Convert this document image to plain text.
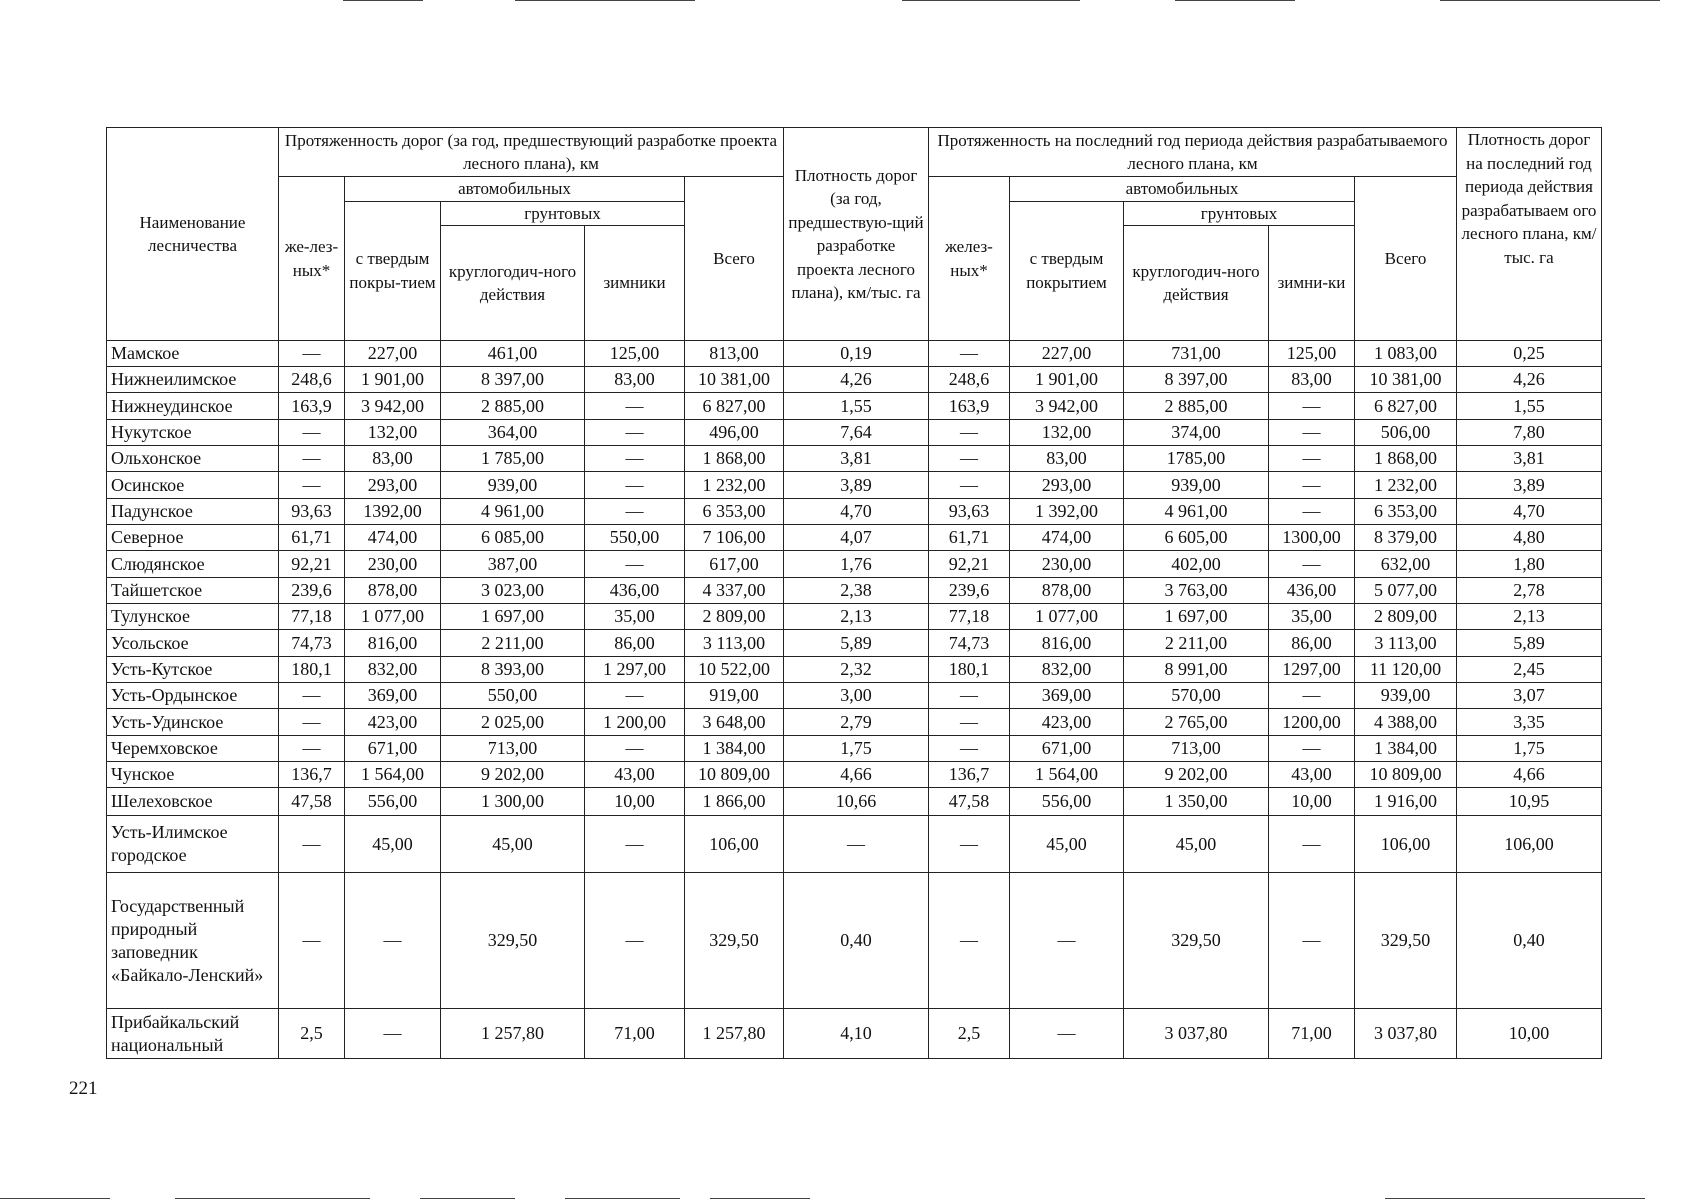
Наименование лесничества	Протяженность дорог (за год, предшествующий разработке проекта лесного плана), км					Плотность дорог (за год, предшествую-щий разработке проекта лесного плана), км/тыс. га	Протяженность на последний год периода действия разрабатываемого лесного плана, км					Плотность дорог на последний год периода действия разрабатываем ого лесного плана, км/тыс. га
	же-лез-ных*	автомобильных			Всего		желез-ных*	автомобильных			Всего	
		с твердым покры-тием	грунтовых					с твердым покрытием	грунтовых			
			круглогодич-ного действия	зимники					круглогодич-ного действия	зимни-ки		
Мамское	—	227,00	461,00	125,00	813,00	0,19	—	227,00	731,00	125,00	1 083,00	0,25
Нижнеилимское	248,6	1 901,00	8 397,00	83,00	10 381,00	4,26	248,6	1 901,00	8 397,00	83,00	10 381,00	4,26
Нижнеудинское	163,9	3 942,00	2 885,00	—	6 827,00	1,55	163,9	3 942,00	2 885,00	—	6 827,00	1,55
Нукутское	—	132,00	364,00	—	496,00	7,64	—	132,00	374,00	—	506,00	7,80
Ольхонское	—	83,00	1 785,00	—	1 868,00	3,81	—	83,00	1785,00	—	1 868,00	3,81
Осинское	—	293,00	939,00	—	1 232,00	3,89	—	293,00	939,00	—	1 232,00	3,89
Падунское	93,63	1392,00	4 961,00	—	6 353,00	4,70	93,63	1 392,00	4 961,00	—	6 353,00	4,70
Северное	61,71	474,00	6 085,00	550,00	7 106,00	4,07	61,71	474,00	6 605,00	1300,00	8 379,00	4,80
Слюдянское	92,21	230,00	387,00	—	617,00	1,76	92,21	230,00	402,00	—	632,00	1,80
Тайшетское	239,6	878,00	3 023,00	436,00	4 337,00	2,38	239,6	878,00	3 763,00	436,00	5 077,00	2,78
Тулунское	77,18	1 077,00	1 697,00	35,00	2 809,00	2,13	77,18	1 077,00	1 697,00	35,00	2 809,00	2,13
Усольское	74,73	816,00	2 211,00	86,00	3 113,00	5,89	74,73	816,00	2 211,00	86,00	3 113,00	5,89
Усть-Кутское	180,1	832,00	8 393,00	1 297,00	10 522,00	2,32	180,1	832,00	8 991,00	1297,00	11 120,00	2,45
Усть-Ордынское	—	369,00	550,00	—	919,00	3,00	—	369,00	570,00	—	939,00	3,07
Усть-Удинское	—	423,00	2 025,00	1 200,00	3 648,00	2,79	—	423,00	2 765,00	1200,00	4 388,00	3,35
Черемховское	—	671,00	713,00	—	1 384,00	1,75	—	671,00	713,00	—	1 384,00	1,75
Чунское	136,7	1 564,00	9 202,00	43,00	10 809,00	4,66	136,7	1 564,00	9 202,00	43,00	10 809,00	4,66
Шелеховское	47,58	556,00	1 300,00	10,00	1 866,00	10,66	47,58	556,00	1 350,00	10,00	1 916,00	10,95
Усть-Илимское городское	—	45,00	45,00	—	106,00	—	—	45,00	45,00	—	106,00	106,00
Государственный природный заповедник «Байкало-Ленский»	—	—	329,50	—	329,50	0,40	—	—	329,50	—	329,50	0,40
Прибайкальский национальный	2,5	—	1 257,80	71,00	1 257,80	4,10	2,5	—	3 037,80	71,00	3 037,80	10,00
221
